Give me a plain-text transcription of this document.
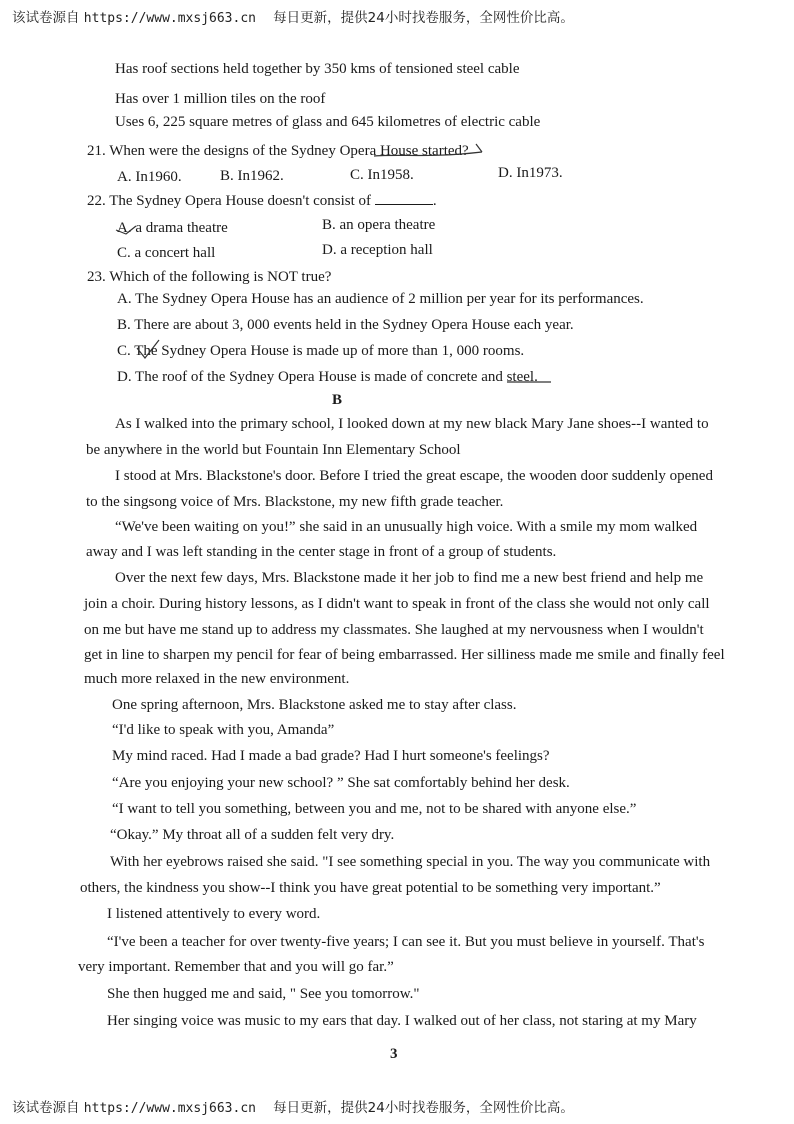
该试卷源自 https://www.mxsj663.cn 每日更新，提供24小时找卷服务，全网性价比高。
Has roof sections held together by 350 kms of tensioned steel cable
Has over 1 million tiles on the roof
Uses 6, 225 square metres of glass and 645 kilometres of electric cable
21. When were the designs of the Sydney Opera House started?
A. In1960.	B. In1962.	C. In1958.	D. In1973.
22. The Sydney Opera House doesn't consist of	.
A. a drama theatre	B. an opera theatre
C. a concert hall	D. a reception hall
23. Which of the following is NOT true?
A. The Sydney Opera House has an audience of 2 million per year for its performances.
B. There are about 3, 000 events held in the Sydney Opera House each year.
C. The Sydney Opera House is made up of more than 1, 000 rooms.
D. The roof of the Sydney Opera House is made of concrete and steel.
B
As I walked into the primary school, I looked down at my new black Mary Jane shoes--I wanted to
be anywhere in the world but Fountain Inn Elementary School
I stood at Mrs. Blackstone's door. Before I tried the great escape, the wooden door suddenly opened
to the singsong voice of Mrs. Blackstone, my new fifth grade teacher.
“We've been waiting on you!” she said in an unusually high voice. With a smile my mom walked
away and I was left standing in the center stage in front of a group of students.
Over the next few days, Mrs. Blackstone made it her job to find me a new best friend and help me
join a choir. During history lessons, as I didn't want to speak in front of the class she would not only call
on me but have me stand up to address my classmates. She laughed at my nervousness when I wouldn't
get in line to sharpen my pencil for fear of being embarrassed. Her silliness made me smile and finally feel
much more relaxed in the new environment.
One spring afternoon, Mrs. Blackstone asked me to stay after class.
“I'd like to speak with you, Amanda”
My mind raced. Had I made a bad grade? Had I hurt someone's feelings?
“Are you enjoying your new school? ” She sat comfortably behind her desk.
“I want to tell you something, between you and me, not to be shared with anyone else.”
“Okay.” My throat all of a sudden felt very dry.
With her eyebrows raised she said. "I see something special in you. The way you communicate with
others, the kindness you show--I think you have great potential to be something very important.”
I listened attentively to every word.
“I've been a teacher for over twenty-five years; I can see it. But you must believe in yourself. That's
very important. Remember that and you will go far.”
She then hugged me and said, " See you tomorrow."
Her singing voice was music to my ears that day. I walked out of her class, not staring at my Mary
3
该试卷源自 https://www.mxsj663.cn 每日更新，提供24小时找卷服务，全网性价比高。
